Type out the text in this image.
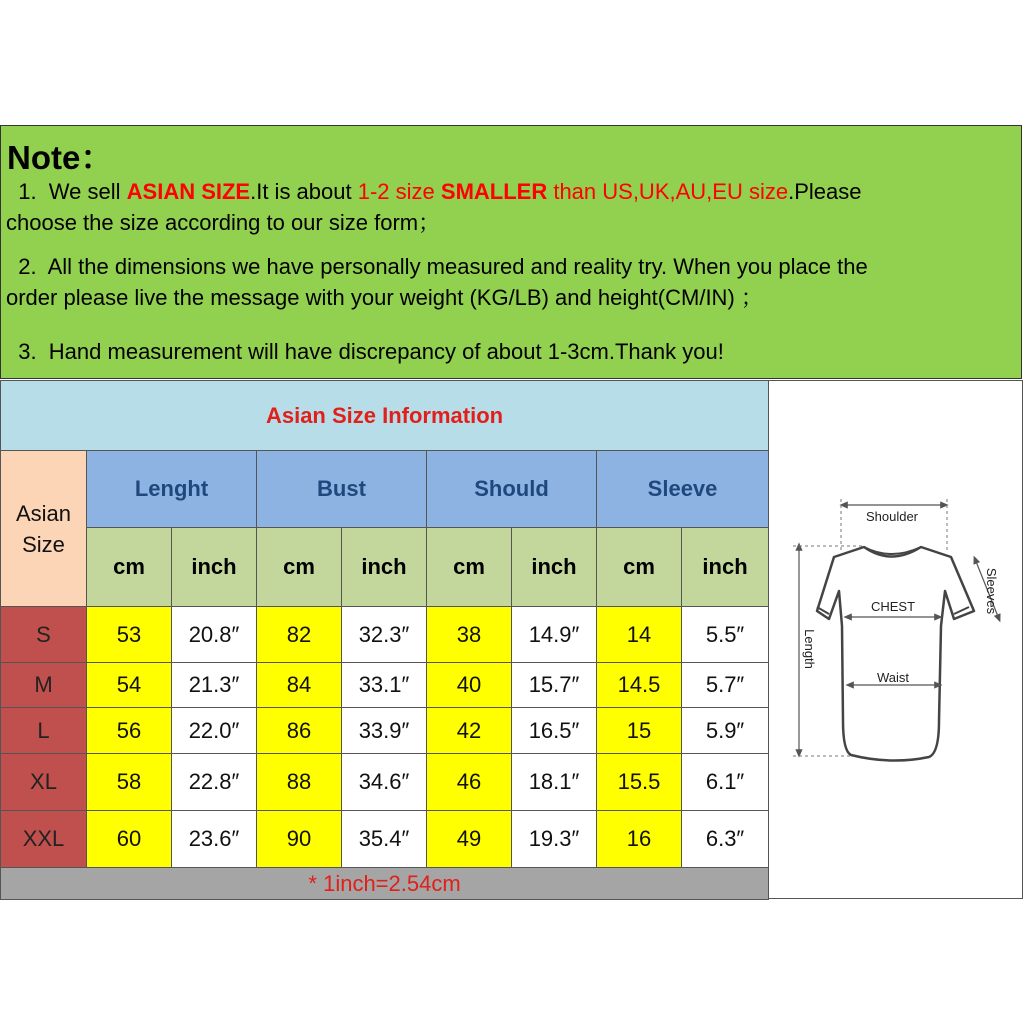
Note：
1.  We sell ASIAN SIZE.It is about 1-2 size SMALLER than US,UK,AU,EU size.Please
choose the size according to our size form；
2.  All the dimensions we have personally measured and reality try. When you place the
order please live the message with your weight (KG/LB) and height(CM/IN) ；
3.  Hand measurement will have discrepancy of about 1-3cm.Thank you!
Asian Size Information								

Asian
Size	Lenght		Bust		Should		Sleeve	
	cm	inch	cm	inch	cm	inch	cm	inch
S	53	20.8″	82	32.3″	38	14.9″	14	5.5″
M	54	21.3″	84	33.1″	40	15.7″	14.5	5.7″
L	56	22.0″	86	33.9″	42	16.5″	15	5.9″
XL	58	22.8″	88	34.6″	46	18.1″	15.5	6.1″
XXL	60	23.6″	90	35.4″	49	19.3″	16	6.3″
* 1inch=2.54cm								
Shoulder
CHEST
Waist
Length
Sleeves
